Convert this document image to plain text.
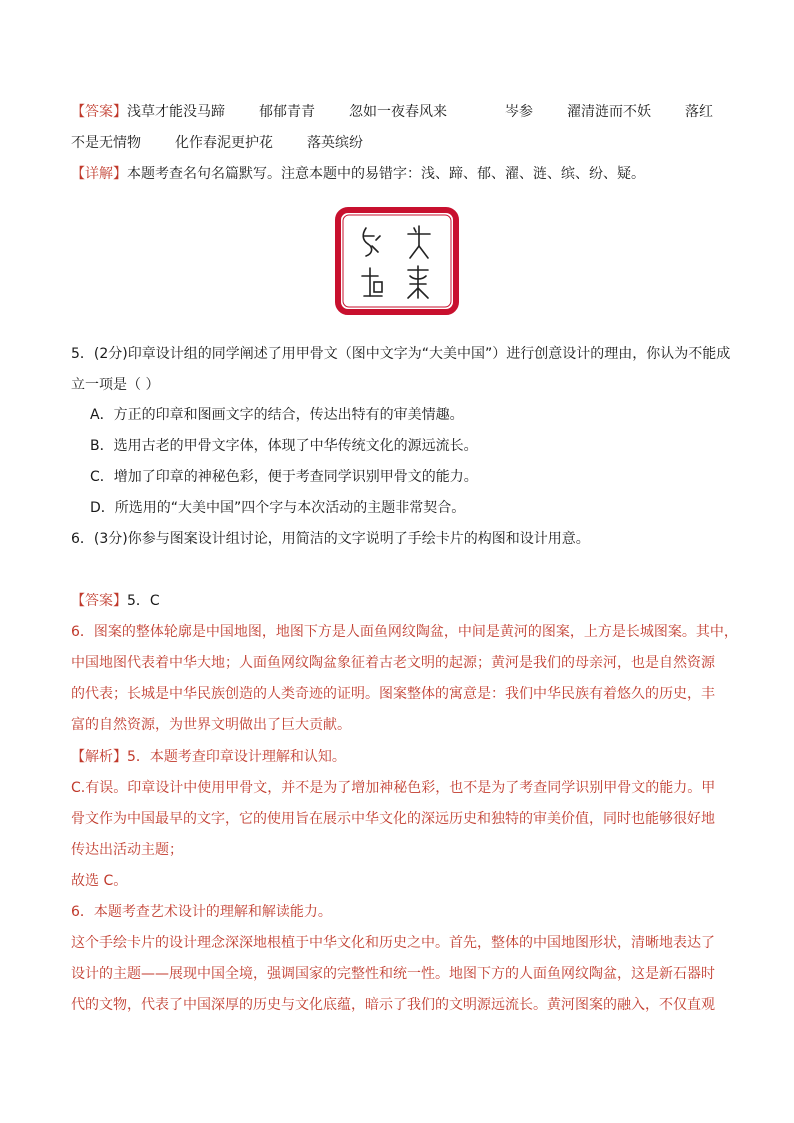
【答案】浅草才能没马蹄 郁郁青青 忽如一夜春风来	岑参 濯清涟而不妖 落红
不是无情物 化作春泥更护花 落英缤纷
【详解】本题考查名句名篇默写。注意本题中的易错字：浅、蹄、郁、濯、涟、缤、纷、疑。
5．(2分)印章设计组的同学阐述了用甲骨文（图中文字为“大美中国”）进行创意设计的理由，你认为不能成
立一项是（ ）
A．方正的印章和图画文字的结合，传达出特有的审美情趣。
B．选用古老的甲骨文字体，体现了中华传统文化的源远流长。
C．增加了印章的神秘色彩，便于考查同学识别甲骨文的能力。
D．所选用的“大美中国”四个字与本次活动的主题非常契合。
6．(3分)你参与图案设计组讨论，用简洁的文字说明了手绘卡片的构图和设计用意。
【答案】5．C
6．图案的整体轮廓是中国地图，地图下方是人面鱼网纹陶盆，中间是黄河的图案，上方是长城图案。其中，
中国地图代表着中华大地；人面鱼网纹陶盆象征着古老文明的起源；黄河是我们的母亲河，也是自然资源
的代表；长城是中华民族创造的人类奇迹的证明。图案整体的寓意是：我们中华民族有着悠久的历史，丰
富的自然资源，为世界文明做出了巨大贡献。
【解析】5．本题考查印章设计理解和认知。
C.有误。印章设计中使用甲骨文，并不是为了增加神秘色彩，也不是为了考查同学识别甲骨文的能力。甲
骨文作为中国最早的文字，它的使用旨在展示中华文化的深远历史和独特的审美价值，同时也能够很好地
传达出活动主题；
故选 C。
6．本题考查艺术设计的理解和解读能力。
这个手绘卡片的设计理念深深地根植于中华文化和历史之中。首先，整体的中国地图形状，清晰地表达了
设计的主题——展现中国全境，强调国家的完整性和统一性。地图下方的人面鱼网纹陶盆，这是新石器时
代的文物，代表了中国深厚的历史与文化底蕴，暗示了我们的文明源远流长。黄河图案的融入，不仅直观
